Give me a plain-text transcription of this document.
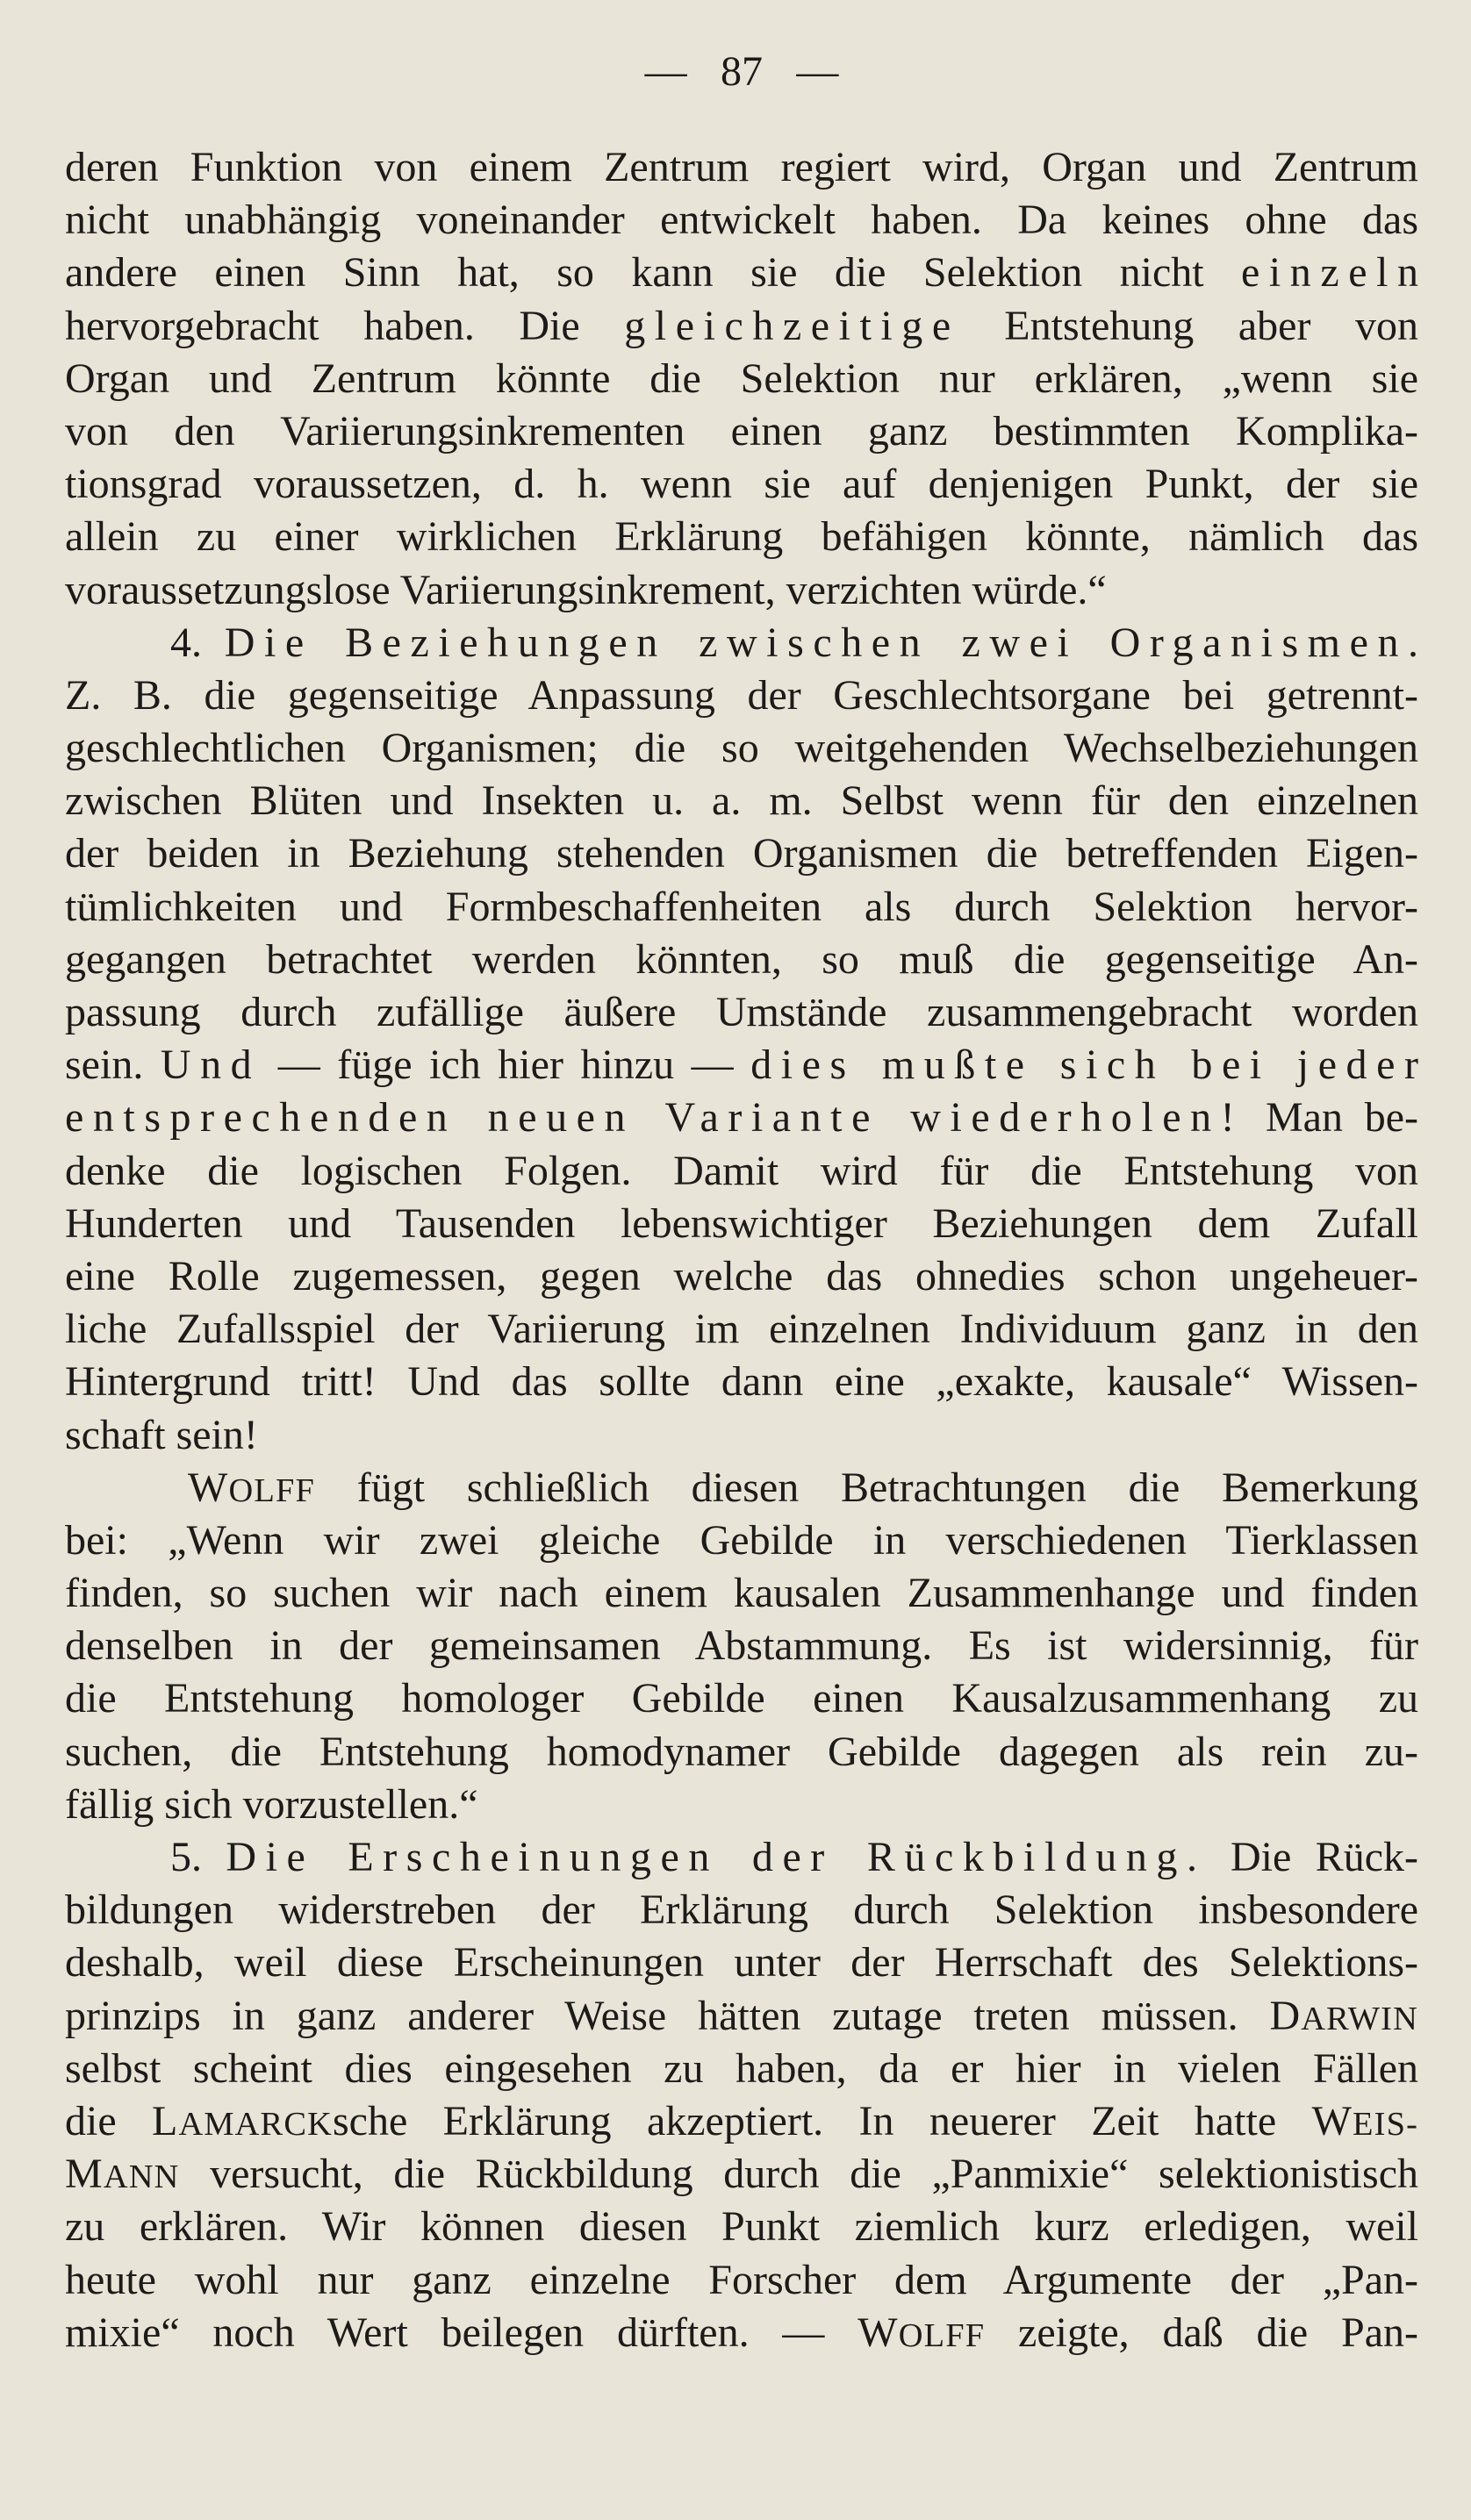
— 87 —
deren Funktion von einem Zentrum regiert wird, Organ und Zentrum
nicht unabhängig voneinander entwickelt haben. Da keines ohne das
andere einen Sinn hat, so kann sie die Selektion nicht einzeln
hervorgebracht haben. Die gleichzeitige Entstehung aber von
Organ und Zentrum könnte die Selektion nur erklären, „wenn sie
von den Variierungsinkrementen einen ganz bestimmten Komplika-
tionsgrad voraussetzen, d. h. wenn sie auf denjenigen Punkt, der sie
allein zu einer wirklichen Erklärung befähigen könnte, nämlich das
voraussetzungslose Variierungsinkrement, verzichten würde.“
4. Die Beziehungen zwischen zwei Organismen.
Z. B. die gegenseitige Anpassung der Geschlechtsorgane bei getrennt-
geschlechtlichen Organismen; die so weitgehenden Wechselbeziehungen
zwischen Blüten und Insekten u. a. m. Selbst wenn für den einzelnen
der beiden in Beziehung stehenden Organismen die betreffenden Eigen-
tümlichkeiten und Formbeschaffenheiten als durch Selektion hervor-
gegangen betrachtet werden könnten, so muß die gegenseitige An-
passung durch zufällige äußere Umstände zusammengebracht worden
sein. Und — füge ich hier hinzu — dies mußte sich bei jeder
entsprechenden neuen Variante wiederholen! Man be-
denke die logischen Folgen. Damit wird für die Entstehung von
Hunderten und Tausenden lebenswichtiger Beziehungen dem Zufall
eine Rolle zugemessen, gegen welche das ohnedies schon ungeheuer-
liche Zufallsspiel der Variierung im einzelnen Individuum ganz in den
Hintergrund tritt! Und das sollte dann eine „exakte, kausale“ Wissen-
schaft sein!
WOLFF fügt schließlich diesen Betrachtungen die Bemerkung
bei: „Wenn wir zwei gleiche Gebilde in verschiedenen Tierklassen
finden, so suchen wir nach einem kausalen Zusammenhange und finden
denselben in der gemeinsamen Abstammung. Es ist widersinnig, für
die Entstehung homologer Gebilde einen Kausalzusammenhang zu
suchen, die Entstehung homodynamer Gebilde dagegen als rein zu-
fällig sich vorzustellen.“
5. Die Erscheinungen der Rückbildung. Die Rück-
bildungen widerstreben der Erklärung durch Selektion insbesondere
deshalb, weil diese Erscheinungen unter der Herrschaft des Selektions-
prinzips in ganz anderer Weise hätten zutage treten müssen. DARWIN
selbst scheint dies eingesehen zu haben, da er hier in vielen Fällen
die LAMARCKsche Erklärung akzeptiert. In neuerer Zeit hatte WEIS-
MANN versucht, die Rückbildung durch die „Panmixie“ selektionistisch
zu erklären. Wir können diesen Punkt ziemlich kurz erledigen, weil
heute wohl nur ganz einzelne Forscher dem Argumente der „Pan-
mixie“ noch Wert beilegen dürften. — WOLFF zeigte, daß die Pan-
